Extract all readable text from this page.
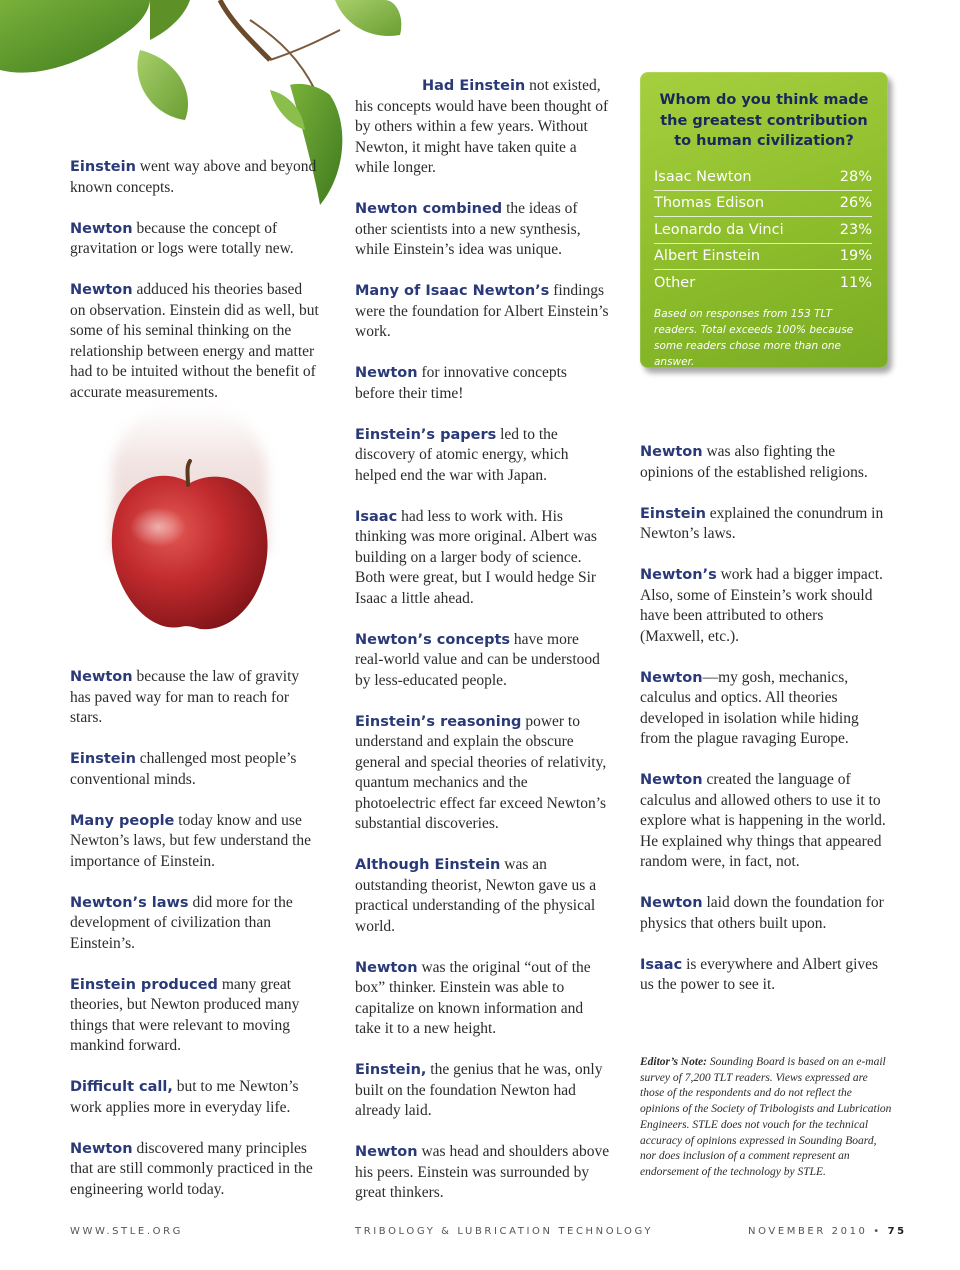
Einstein went way above and beyond known concepts.

Newton because the concept of gravitation or logs were totally new.

Newton adduced his theories based on observation. Einstein did as well, but some of his seminal thinking on the relationship between energy and matter had to be intuited without the benefit of accurate measurements.

Newton because the law of gravity has paved way for man to reach for stars.

Einstein challenged most people’s conventional minds.

Many people today know and use Newton’s laws, but few understand the importance of Einstein.

Newton’s laws did more for the development of civilization than Einstein’s.

Einstein produced many great theories, but Newton produced many things that were relevant to moving mankind forward.

Difficult call, but to me Newton’s work applies more in everyday life.

Newton discovered many principles that are still commonly practiced in the engineering world today.

Had Einstein not existed, his concepts would have been thought of by others within a few years. Without Newton, it might have taken quite a while longer.

Newton combined the ideas of other scientists into a new synthesis, while Einstein’s idea was unique.

Many of Isaac Newton’s findings were the foundation for Albert Einstein’s work.

Newton for innovative concepts before their time!

Einstein’s papers led to the discovery of atomic energy, which helped end the war with Japan.

Isaac had less to work with. His thinking was more original. Albert was building on a larger body of science. Both were great, but I would hedge Sir Isaac a little ahead.

Newton’s concepts have more real-world value and can be understood by less-educated people.

Einstein’s reasoning power to understand and explain the obscure general and special theories of relativity, quantum mechanics and the photoelectric effect far exceed Newton’s substantial discoveries.

Although Einstein was an outstanding theorist, Newton gave us a practical understanding of the physical world.

Newton was the original “out of the box” thinker. Einstein was able to capitalize on known information and take it to a new height.

Einstein, the genius that he was, only built on the foundation Newton had already laid.

Newton was head and shoulders above his peers. Einstein was surrounded by great thinkers.

Whom do you think made the greatest contribution to human civilization?
Isaac Newton	28%
Thomas Edison	26%
Leonardo da Vinci	23%
Albert Einstein	19%
Other	11%
Based on responses from 153 TLT readers. Total exceeds 100% because some readers chose more than one answer.

Newton was also fighting the opinions of the established religions.

Einstein explained the conundrum in Newton’s laws.

Newton’s work had a bigger impact. Also, some of Einstein’s work should have been attributed to others (Maxwell, etc.).

Newton—my gosh, mechanics, calculus and optics. All theories developed in isolation while hiding from the plague ravaging Europe.

Newton created the language of calculus and allowed others to use it to explore what is happening in the world. He explained why things that appeared random were, in fact, not.

Newton laid down the foundation for physics that others built upon.

Isaac is everywhere and Albert gives us the power to see it.

Editor’s Note: Sounding Board is based on an e-mail survey of 7,200 TLT readers. Views expressed are those of the respondents and do not reflect the opinions of the Society of Tribologists and Lubrication Engineers. STLE does not vouch for the technical accuracy of opinions expressed in Sounding Board, nor does inclusion of a comment represent an endorsement of the technology by STLE.
WWW.STLE.ORG	TRIBOLOGY & LUBRICATION TECHNOLOGY	NOVEMBER 2010 • 75
